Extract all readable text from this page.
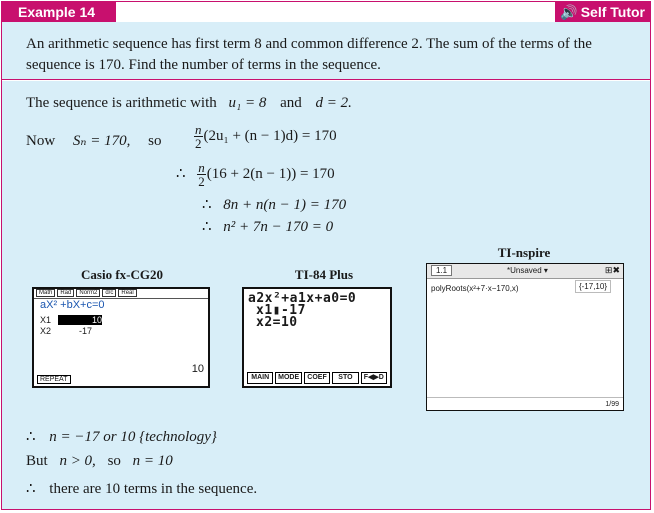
Example 14	🔊 Self Tutor
An arithmetic sequence has first term 8 and common difference 2. The sum of the terms of the sequence is 170. Find the number of terms in the sequence.
The sequence is arithmetic with u₁ = 8 and d = 2.
Now Sₙ = 170, so	$\frac{n}{2} (2u_1 + (n - 1)d) = 170$
∴ $\frac{n}{2} (16 + 2(n - 1)) = 170$
∴ 8n + n(n − 1) = 170
∴ n² + 7n − 170 = 0
Casio fx-CG20
Math Rad Norm2 d/c Real
aX² +bX+c=0
X1	10
X2	-17
10
REPEAT
TI-84 Plus
a2x²+a1x+a0=0
x1▮-17
x2=10
MAIN	MODE	COEF	STO	F◀▶D
TI-nspire
1.1	*Unsaved ▾	⊞✖
polyRoots(x²+7·x−170,x)	{-17,10}
1/99
∴ n = −17 or 10 {technology}
But n > 0, so n = 10
∴ there are 10 terms in the sequence.
